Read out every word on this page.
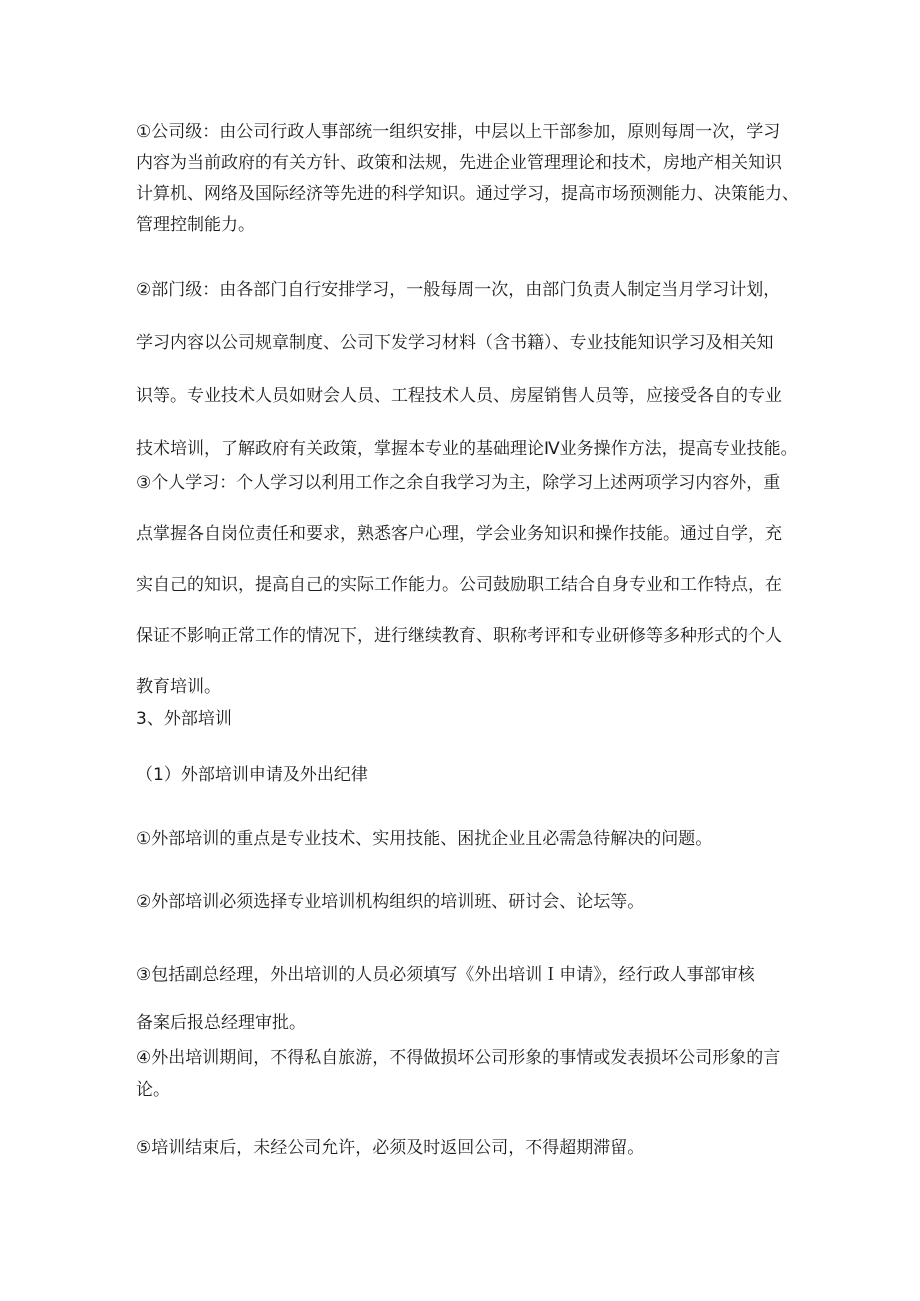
①公司级：由公司行政人事部统一组织安排，中层以上干部参加，原则每周一次，学习
内容为当前政府的有关方针、政策和法规，先进企业管理理论和技术，房地产相关知识
计算机、网络及国际经济等先进的科学知识。通过学习，提高市场预测能力、决策能力、
管理控制能力。
②部门级：由各部门自行安排学习，一般每周一次，由部门负责人制定当月学习计划，
学习内容以公司规章制度、公司下发学习材料（含书籍）、专业技能知识学习及相关知
识等。专业技术人员如财会人员、工程技术人员、房屋销售人员等，应接受各自的专业
技术培训，了解政府有关政策，掌握本专业的基础理论Ⅳ业务操作方法，提高专业技能。
③个人学习：个人学习以利用工作之余自我学习为主，除学习上述两项学习内容外，重
点掌握各自岗位责任和要求，熟悉客户心理，学会业务知识和操作技能。通过自学，充
实自己的知识，提高自己的实际工作能力。公司鼓励职工结合自身专业和工作特点，在
保证不影响正常工作的情况下，进行继续教育、职称考评和专业研修等多种形式的个人
教育培训。
3、外部培训
（1）外部培训申请及外出纪律
①外部培训的重点是专业技术、实用技能、困扰企业且必需急待解决的问题。
②外部培训必须选择专业培训机构组织的培训班、研讨会、论坛等。
③包括副总经理，外出培训的人员必须填写《外出培训Ｉ申请》，经行政人事部审核
备案后报总经理审批。
④外出培训期间，不得私自旅游，不得做损坏公司形象的事情或发表损坏公司形象的言
论。
⑤培训结束后，未经公司允许，必须及时返回公司，不得超期滞留。
